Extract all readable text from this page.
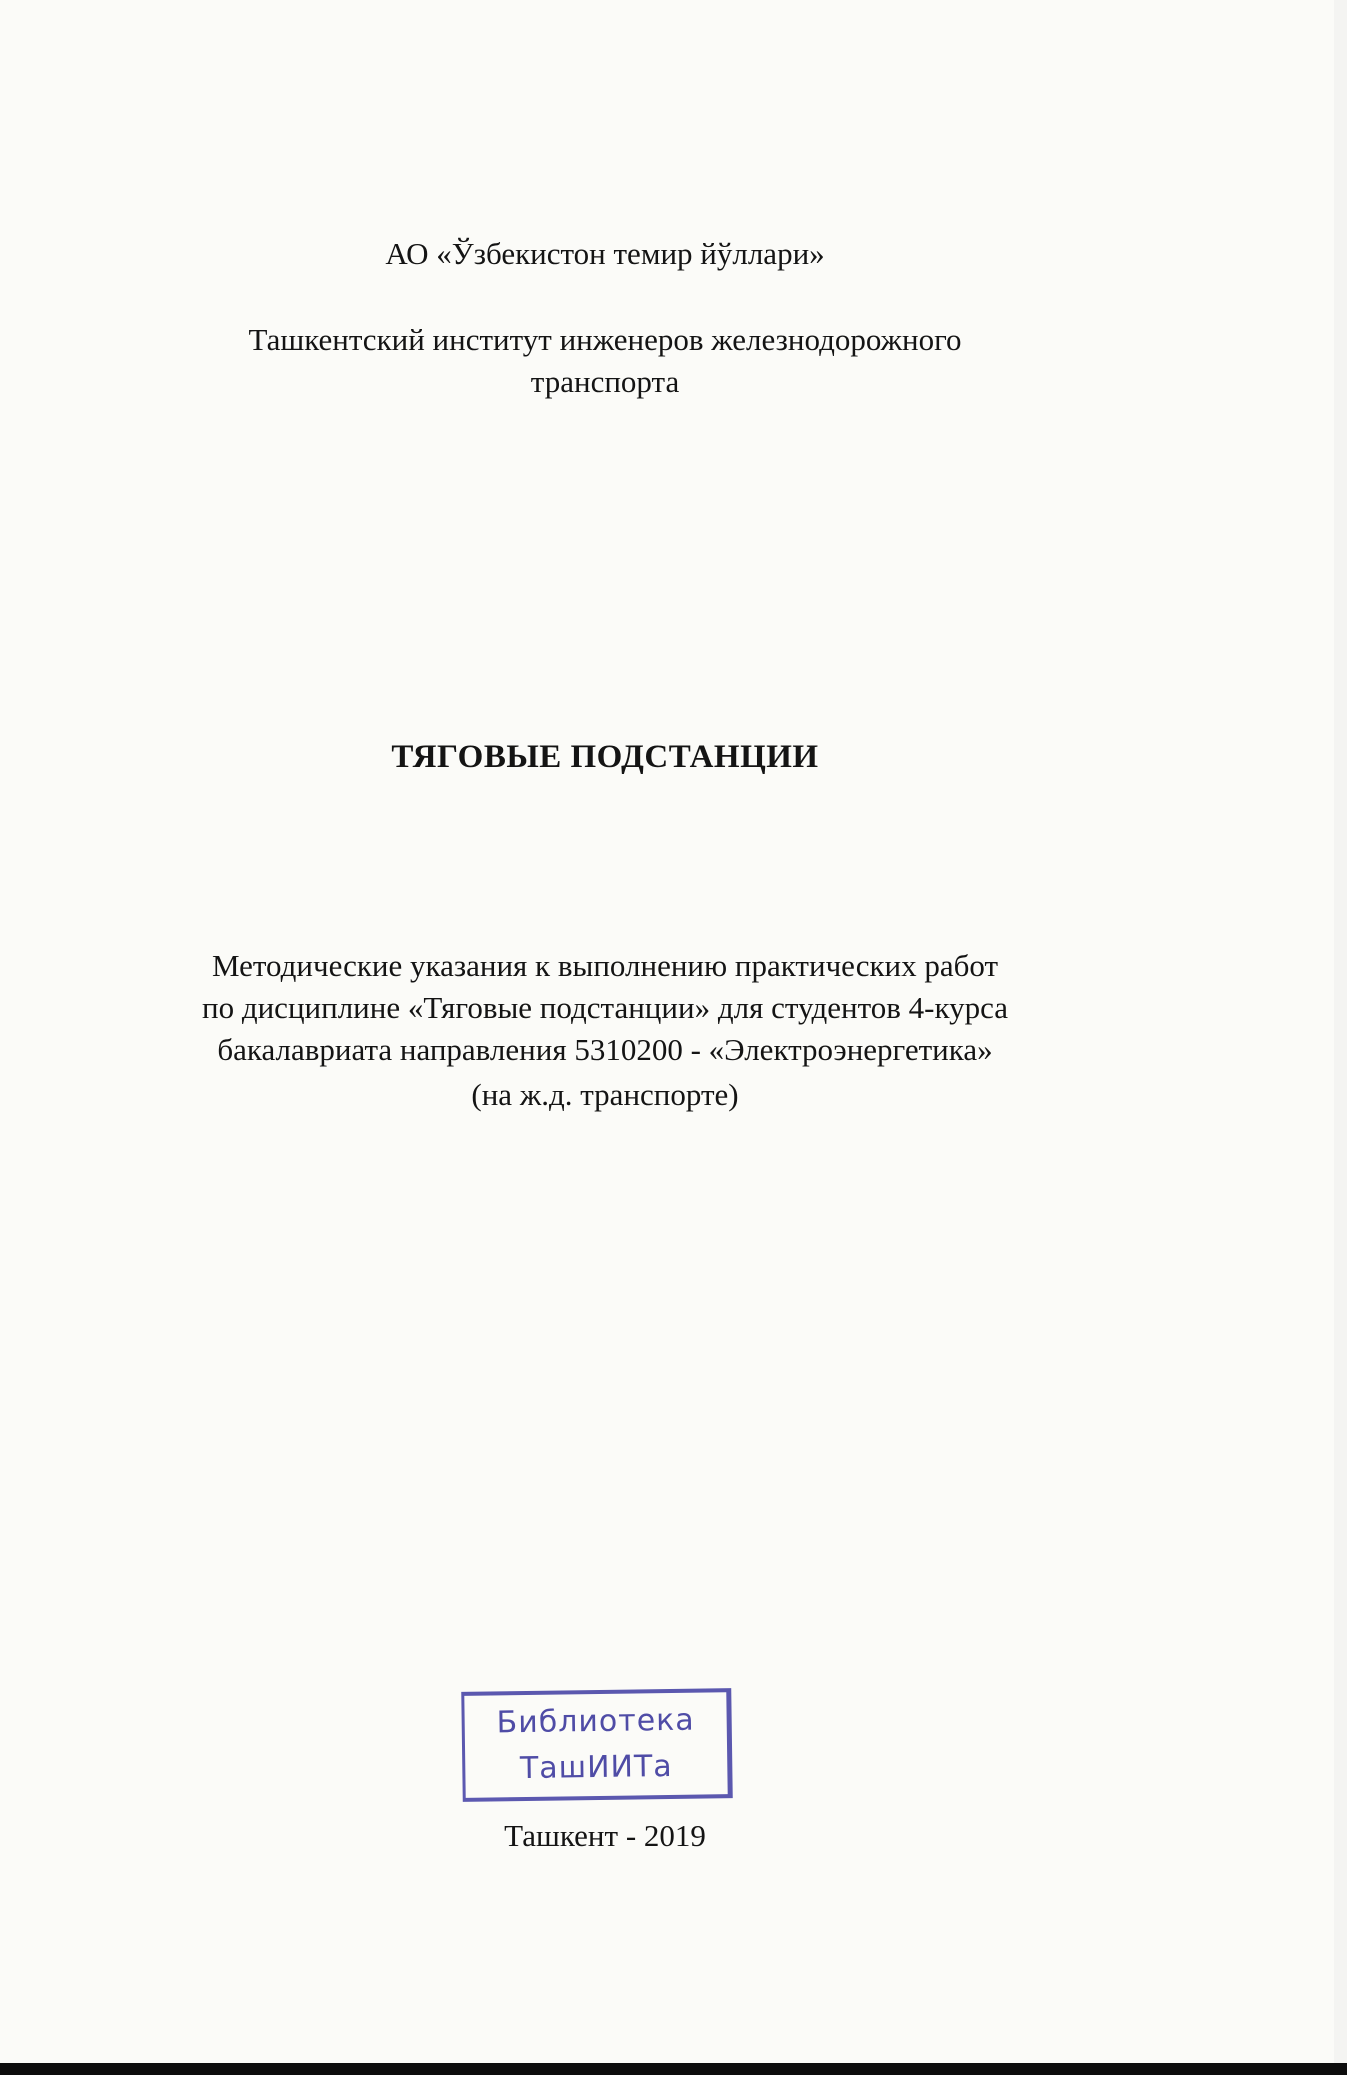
АО «Ўзбекистон темир йўллари»
Ташкентский институт инженеров железнодорожного
транспорта
ТЯГОВЫЕ ПОДСТАНЦИИ
Методические указания к выполнению практических работ
по дисциплине «Тяговые подстанции» для студентов 4-курса
бакалавриата направления 5310200 - «Электроэнергетика»
(на ж.д. транспорте)
Библиотека
ТашИИТа
Ташкент - 2019
